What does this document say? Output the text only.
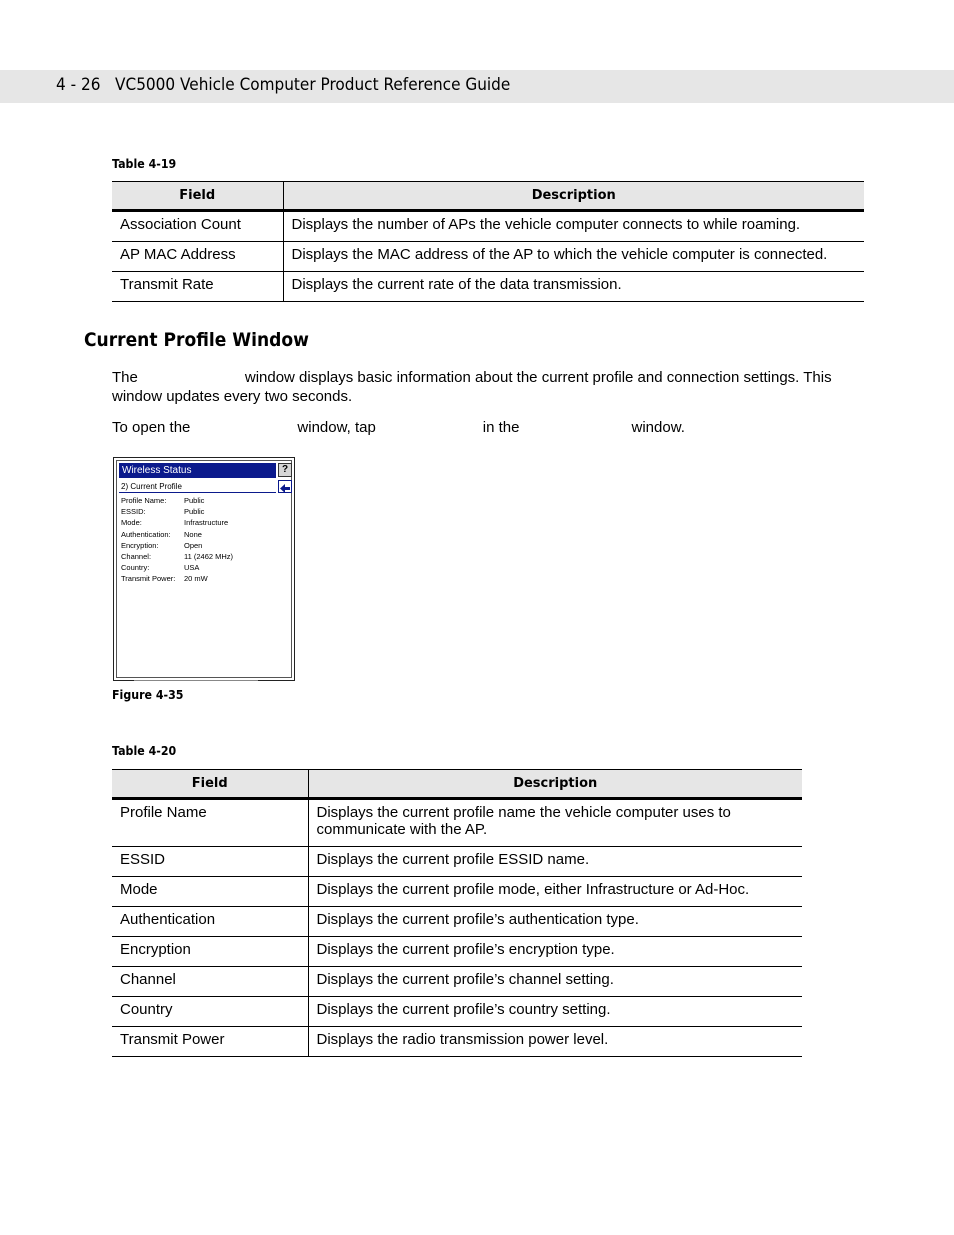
4 - 26 VC5000 Vehicle Computer Product Reference Guide
Table 4-19
Field	Description
Association Count	Displays the number of APs the vehicle computer connects to while roaming.
AP MAC Address	Displays the MAC address of the AP to which the vehicle computer is connected.
Transmit Rate	Displays the current rate of the data transmission.
Current Profile Window
The	window displays basic information about the current profile and connection settings. This window updates every two seconds.
To open the	window, tap	in the	window.
Wireless Status	?
2) Current Profile
Profile Name:	Public
ESSID:	Public
Mode:	Infrastructure
Authentication:	None
Encryption:	Open
Channel:	11 (2462 MHz)
Country:	USA
Transmit Power:	20 mW
Figure 4-35
Table 4-20
Field	Description
Profile Name	Displays the current profile name the vehicle computer uses to communicate with the AP.
ESSID	Displays the current profile ESSID name.
Mode	Displays the current profile mode, either Infrastructure or Ad-Hoc.
Authentication	Displays the current profile’s authentication type.
Encryption	Displays the current profile’s encryption type.
Channel	Displays the current profile’s channel setting.
Country	Displays the current profile’s country setting.
Transmit Power	Displays the radio transmission power level.
